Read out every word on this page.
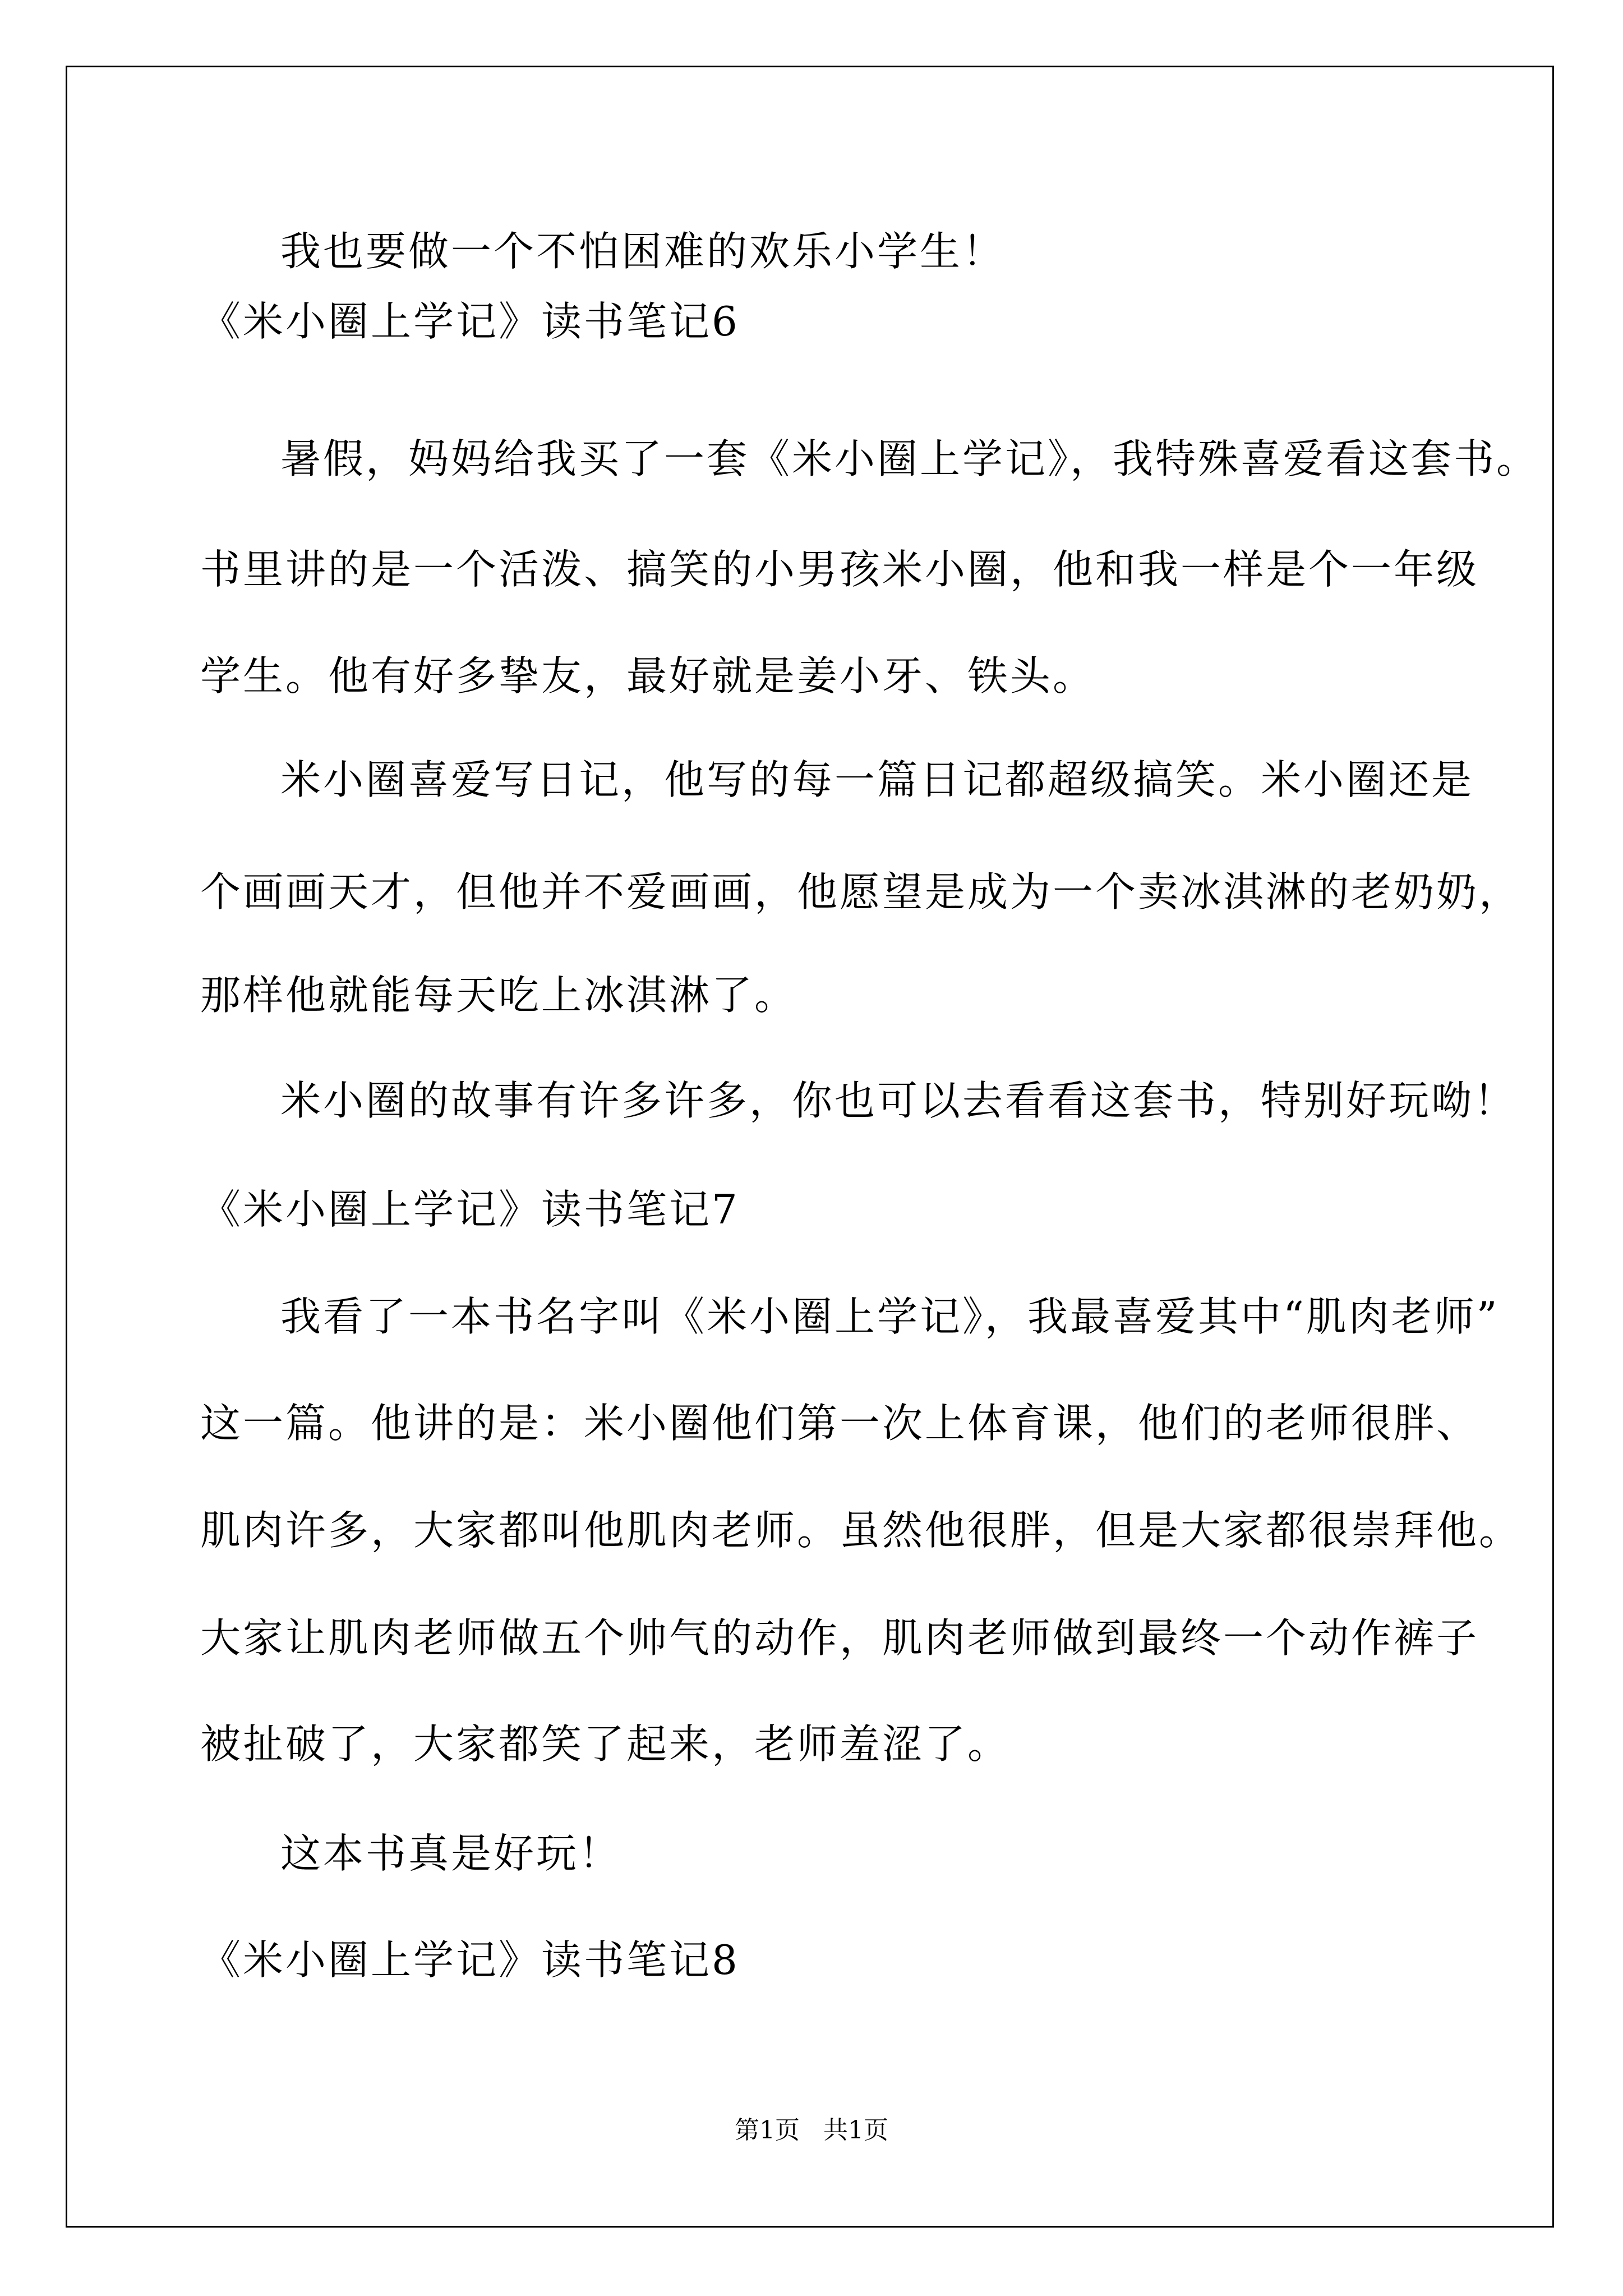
我也要做一个不怕困难的欢乐小学生！
《米小圈上学记》读书笔记6
暑假，妈妈给我买了一套《米小圈上学记》，我特殊喜爱看这套书。
书里讲的是一个活泼、搞笑的小男孩米小圈，他和我一样是个一年级
学生。他有好多挚友，最好就是姜小牙、铁头。
米小圈喜爱写日记，他写的每一篇日记都超级搞笑。米小圈还是
个画画天才，但他并不爱画画，他愿望是成为一个卖冰淇淋的老奶奶，
那样他就能每天吃上冰淇淋了。
米小圈的故事有许多许多，你也可以去看看这套书，特别好玩呦！
《米小圈上学记》读书笔记7
我看了一本书名字叫《米小圈上学记》，我最喜爱其中“肌肉老师”
这一篇。他讲的是：米小圈他们第一次上体育课，他们的老师很胖、
肌肉许多，大家都叫他肌肉老师。虽然他很胖，但是大家都很崇拜他。
大家让肌肉老师做五个帅气的动作，肌肉老师做到最终一个动作裤子
被扯破了，大家都笑了起来，老师羞涩了。
这本书真是好玩！
《米小圈上学记》读书笔记8
第1页   共1页
